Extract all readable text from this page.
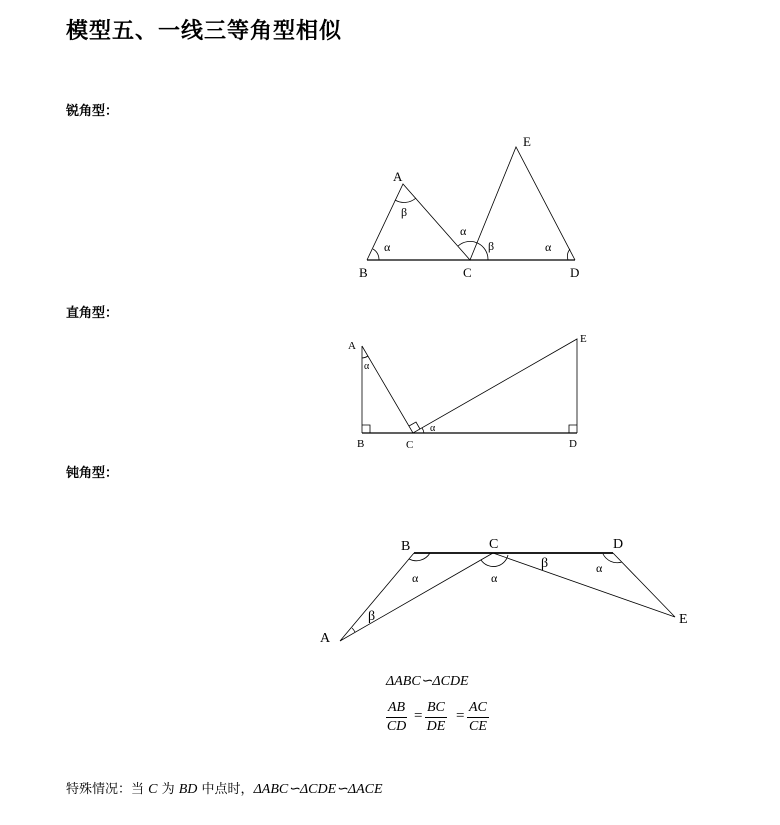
模型五、一线三等角型相似
锐角型：
直角型：
钝角型：
A
E
B	C	D
α
β
α
β	α
A
E
B	C	D
α
α
B	C	D
A
E
α	α
α
β
β
ΔABC∽ΔCDE
$\frac{AB}{CD} = \frac{BC}{DE} = \frac{AC}{CE}$
特殊情况：当 C 为 BD 中点时，ΔABC∽ΔCDE∽ΔACE
